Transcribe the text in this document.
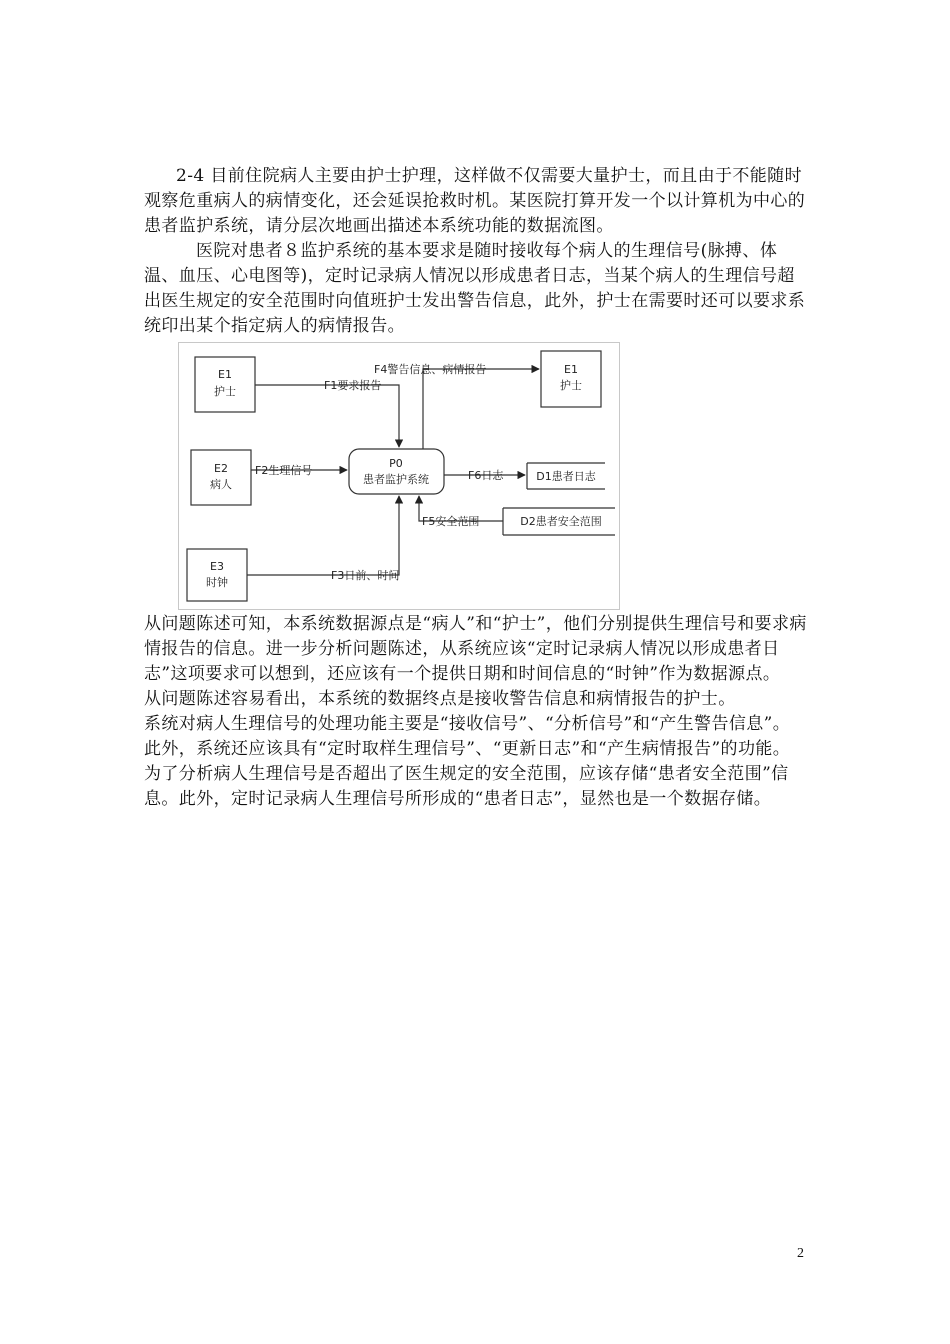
2-4 目前住院病人主要由护士护理，这样做不仅需要大量护士，而且由于不能随时观察危重病人的病情变化，还会延误抢救时机。某医院打算开发一个以计算机为中心的患者监护系统，请分层次地画出描述本系统功能的数据流图。

医院对患者８监护系统的基本要求是随时接收每个病人的生理信号(脉搏、体温、血压、心电图等)，定时记录病人情况以形成患者日志，当某个病人的生理信号超出医生规定的安全范围时向值班护士发出警告信息，此外，护士在需要时还可以要求系统印出某个指定病人的病情报告。

E1
护士
E1
护士
E2
病人
E3
时钟
P0
患者监护系统	D1患者日志
D2患者安全范围
F1要求报告
F4警告信息、病情报告
F2生理信号	F6日志
F5安全范围
F3日前、时间

从问题陈述可知，本系统数据源点是“病人”和“护士”，他们分别提供生理信号和要求病情报告的信息。进一步分析问题陈述，从系统应该“定时记录病人情况以形成患者日志”这项要求可以想到，还应该有一个提供日期和时间信息的“时钟”作为数据源点。

从问题陈述容易看出，本系统的数据终点是接收警告信息和病情报告的护士。

系统对病人生理信号的处理功能主要是“接收信号”、“分析信号”和“产生警告信息”。

此外，系统还应该具有“定时取样生理信号”、“更新日志”和“产生病情报告”的功能。

为了分析病人生理信号是否超出了医生规定的安全范围，应该存储“患者安全范围”信息。此外，定时记录病人生理信号所形成的“患者日志”，显然也是一个数据存储。

2
